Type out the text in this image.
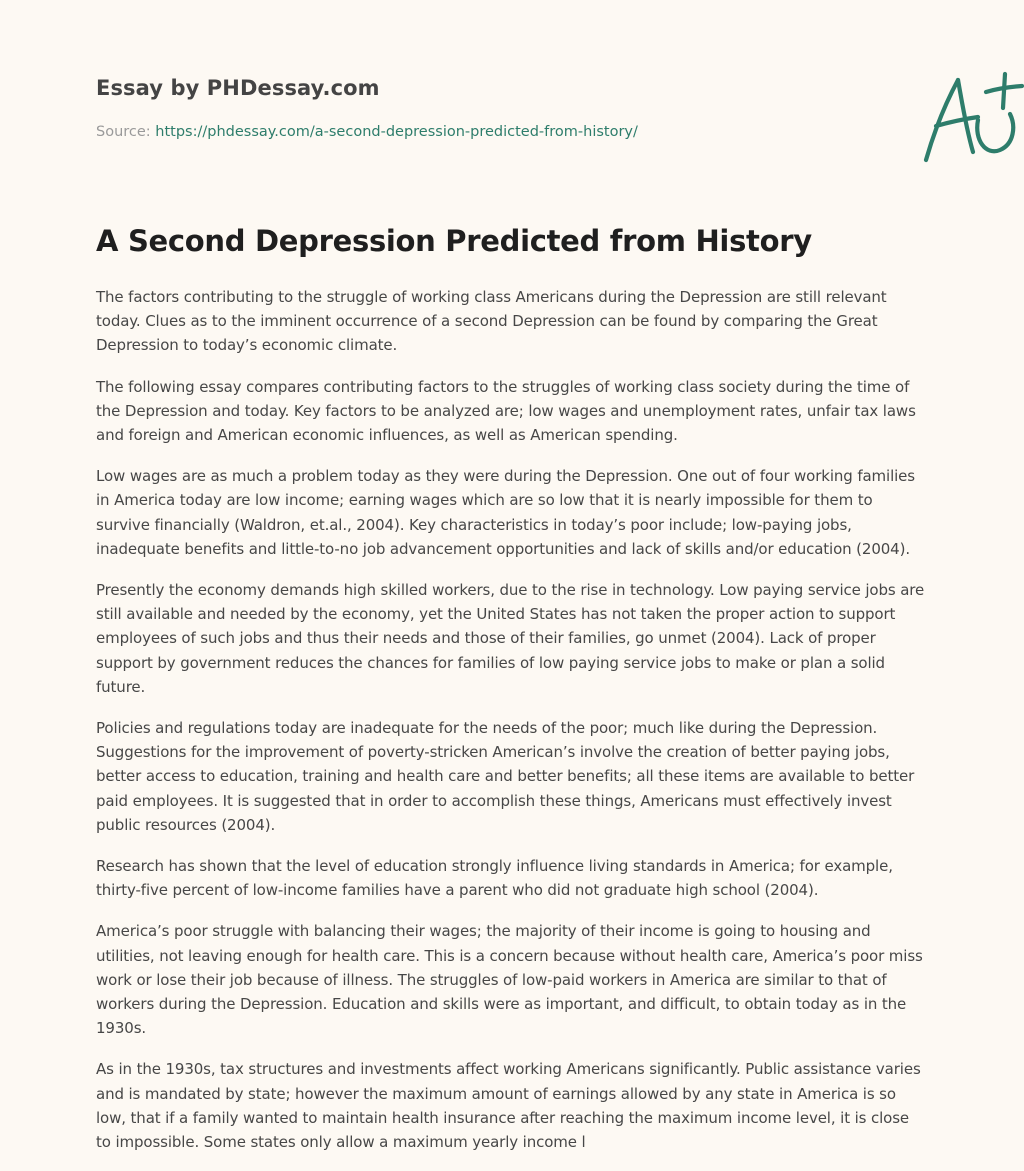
Essay by PHDessay.com
Source: https://phdessay.com/a-second-depression-predicted-from-history/
A Second Depression Predicted from History

The factors contributing to the struggle of working class Americans during the Depression are still relevant today. Clues as to the imminent occurrence of a second Depression can be found by comparing the Great Depression to today’s economic climate.

The following essay compares contributing factors to the struggles of working class society during the time of the Depression and today. Key factors to be analyzed are; low wages and unemployment rates, unfair tax laws and foreign and American economic influences, as well as American spending.

Low wages are as much a problem today as they were during the Depression. One out of four working families in America today are low income; earning wages which are so low that it is nearly impossible for them to survive financially (Waldron, et.al., 2004). Key characteristics in today’s poor include; low-paying jobs, inadequate benefits and little-to-no job advancement opportunities and lack of skills and/or education (2004).

Presently the economy demands high skilled workers, due to the rise in technology. Low paying service jobs are still available and needed by the economy, yet the United States has not taken the proper action to support employees of such jobs and thus their needs and those of their families, go unmet (2004). Lack of proper support by government reduces the chances for families of low paying service jobs to make or plan a solid future.

Policies and regulations today are inadequate for the needs of the poor; much like during the Depression. Suggestions for the improvement of poverty-stricken American’s involve the creation of better paying jobs, better access to education, training and health care and better benefits; all these items are available to better paid employees. It is suggested that in order to accomplish these things, Americans must effectively invest public resources (2004).

Research has shown that the level of education strongly influence living standards in America; for example, thirty-five percent of low-income families have a parent who did not graduate high school (2004).

America’s poor struggle with balancing their wages; the majority of their income is going to housing and utilities, not leaving enough for health care. This is a concern because without health care, America’s poor miss work or lose their job because of illness. The struggles of low-paid workers in America are similar to that of workers during the Depression. Education and skills were as important, and difficult, to obtain today as in the 1930s.

As in the 1930s, tax structures and investments affect working Americans significantly. Public assistance varies and is mandated by state; however the maximum amount of earnings allowed by any state in America is so low, that if a family wanted to maintain health insurance after reaching the maximum income level, it is close to impossible. Some states only allow a maximum yearly income l
